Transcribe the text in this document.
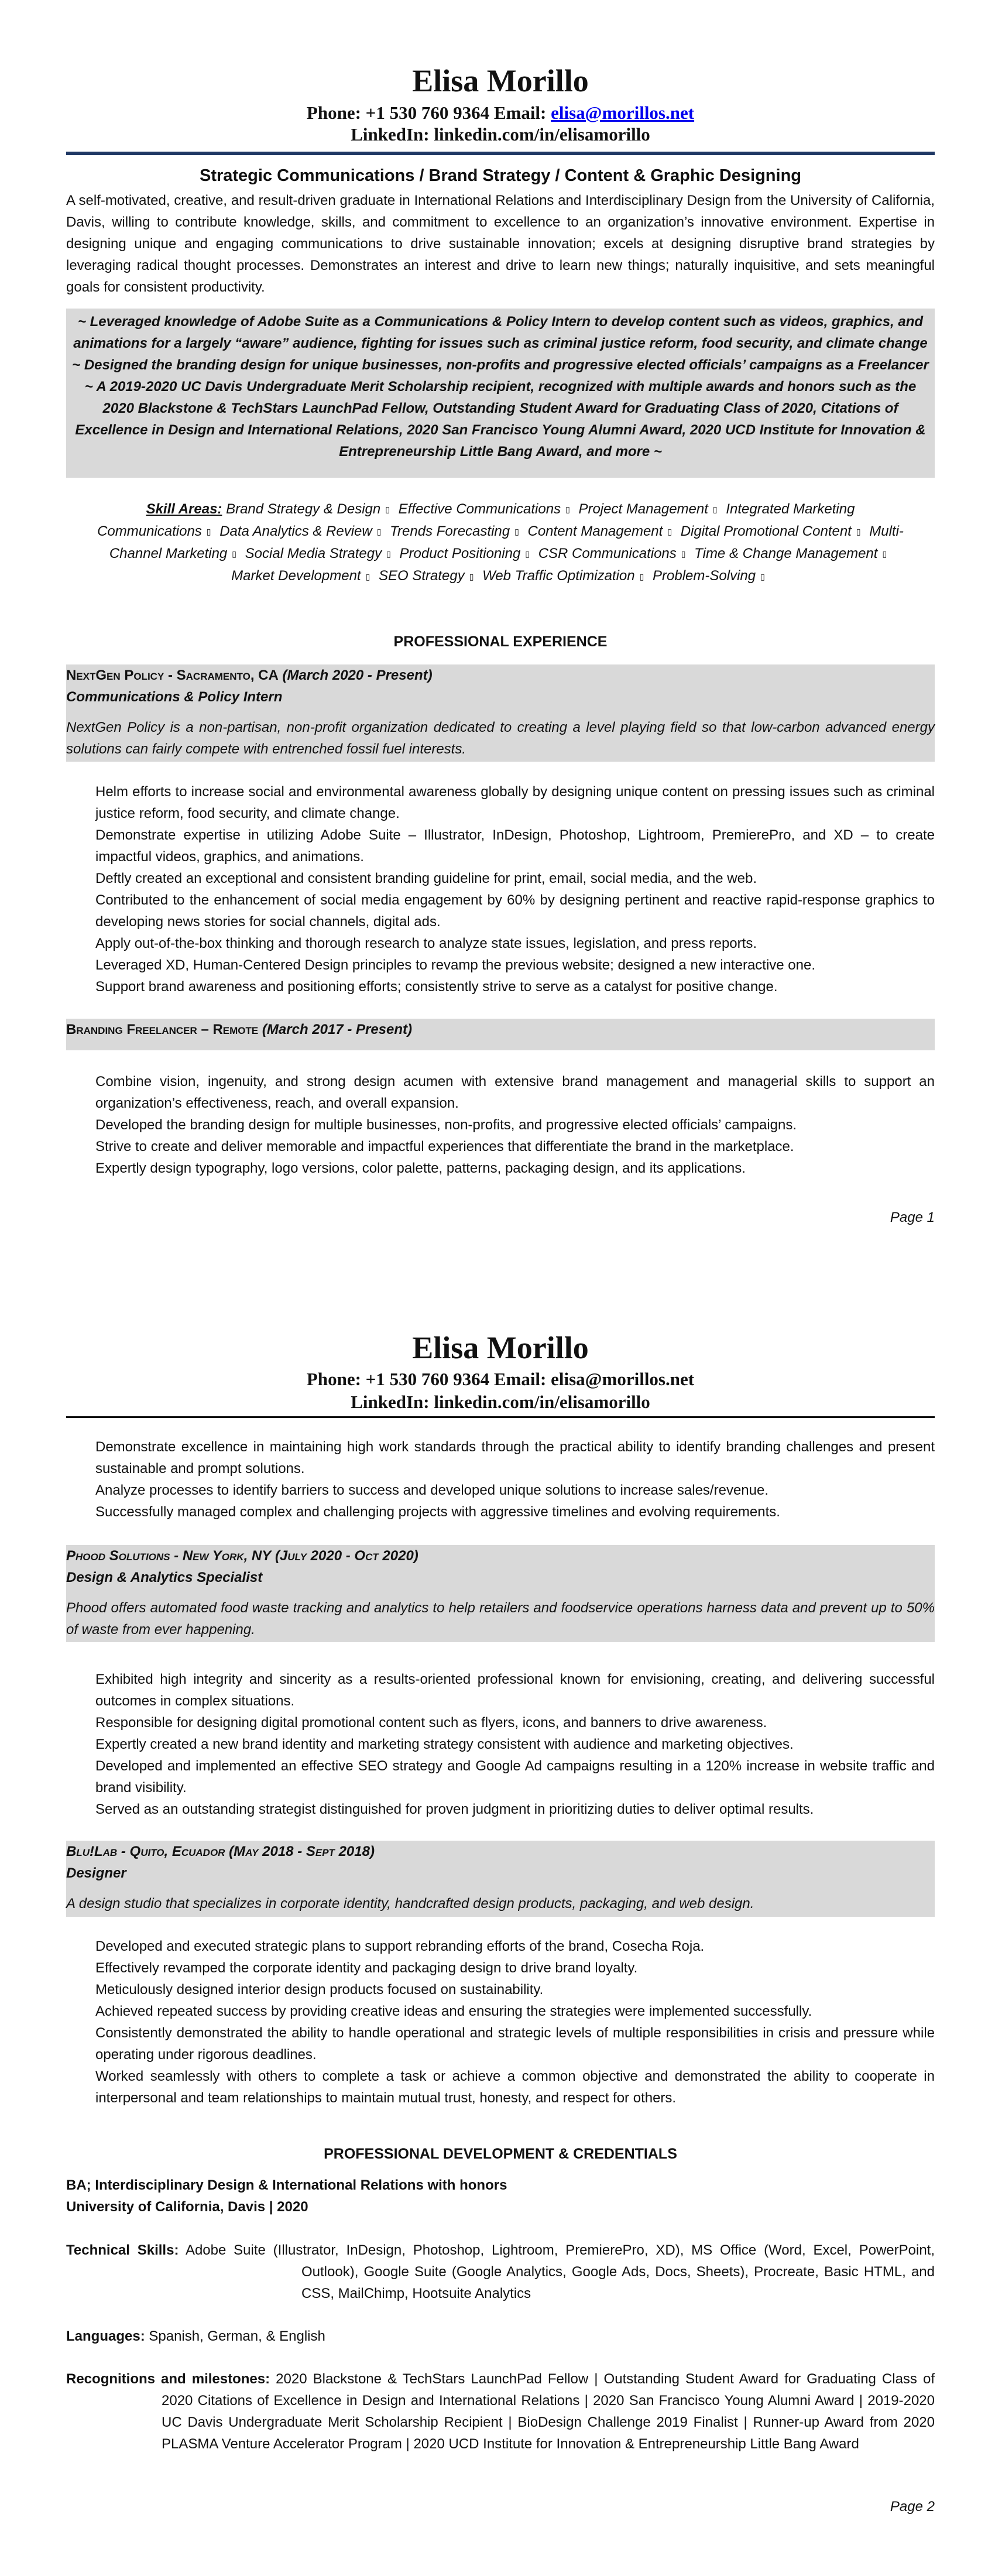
Elisa Morillo
Phone: +1 530 760 9364 Email: elisa@morillos.net
LinkedIn: linkedin.com/in/elisamorillo
Strategic Communications / Brand Strategy / Content & Graphic Designing
A self-motivated, creative, and result-driven graduate in International Relations and Interdisciplinary Design from the University of California, Davis, willing to contribute knowledge, skills, and commitment to excellence to an organization’s innovative environment. Expertise in designing unique and engaging communications to drive sustainable innovation; excels at designing disruptive brand strategies by leveraging radical thought processes. Demonstrates an interest and drive to learn new things; naturally inquisitive, and sets meaningful goals for consistent productivity.
~ Leveraged knowledge of Adobe Suite as a Communications & Policy Intern to develop content such as videos, graphics, and animations for a largely “aware” audience, fighting for issues such as criminal justice reform, food security, and climate change ~ Designed the branding design for unique businesses, non-profits and progressive elected officials’ campaigns as a Freelancer ~ A 2019-2020 UC Davis Undergraduate Merit Scholarship recipient, recognized with multiple awards and honors such as the 2020 Blackstone & TechStars LaunchPad Fellow, Outstanding Student Award for Graduating Class of 2020, Citations of Excellence in Design and International Relations, 2020 San Francisco Young Alumni Award, 2020 UCD Institute for Innovation & Entrepreneurship Little Bang Award, and more ~
Skill Areas: Brand Strategy & Design ▯ Effective Communications ▯ Project Management ▯ Integrated Marketing Communications ▯ Data Analytics & Review ▯ Trends Forecasting ▯ Content Management ▯ Digital Promotional Content ▯ Multi-Channel Marketing ▯ Social Media Strategy ▯ Product Positioning ▯ CSR Communications ▯ Time & Change Management ▯ Market Development ▯ SEO Strategy ▯ Web Traffic Optimization ▯ Problem-Solving ▯
PROFESSIONAL EXPERIENCE
NextGen Policy - Sacramento, CA (March 2020 - Present)
Communications & Policy Intern
NextGen Policy is a non-partisan, non-profit organization dedicated to creating a level playing field so that low-carbon advanced energy solutions can fairly compete with entrenched fossil fuel interests.
Helm efforts to increase social and environmental awareness globally by designing unique content on pressing issues such as criminal justice reform, food security, and climate change.
Demonstrate expertise in utilizing Adobe Suite – Illustrator, InDesign, Photoshop, Lightroom, PremierePro, and XD – to create impactful videos, graphics, and animations.
Deftly created an exceptional and consistent branding guideline for print, email, social media, and the web.
Contributed to the enhancement of social media engagement by 60% by designing pertinent and reactive rapid-response graphics to developing news stories for social channels, digital ads.
Apply out-of-the-box thinking and thorough research to analyze state issues, legislation, and press reports.
Leveraged XD, Human-Centered Design principles to revamp the previous website; designed a new interactive one.
Support brand awareness and positioning efforts; consistently strive to serve as a catalyst for positive change.
Branding Freelancer – Remote (March 2017 - Present)
Combine vision, ingenuity, and strong design acumen with extensive brand management and managerial skills to support an organization’s effectiveness, reach, and overall expansion.
Developed the branding design for multiple businesses, non-profits, and progressive elected officials’ campaigns.
Strive to create and deliver memorable and impactful experiences that differentiate the brand in the marketplace.
Expertly design typography, logo versions, color palette, patterns, packaging design, and its applications.
Page 1
Elisa Morillo
Phone: +1 530 760 9364 Email: elisa@morillos.net
LinkedIn: linkedin.com/in/elisamorillo
Demonstrate excellence in maintaining high work standards through the practical ability to identify branding challenges and present sustainable and prompt solutions.
Analyze processes to identify barriers to success and developed unique solutions to increase sales/revenue.
Successfully managed complex and challenging projects with aggressive timelines and evolving requirements.
Phood Solutions - New York, NY (July 2020 - Oct 2020)
Design & Analytics Specialist
Phood offers automated food waste tracking and analytics to help retailers and foodservice operations harness data and prevent up to 50% of waste from ever happening.
Exhibited high integrity and sincerity as a results-oriented professional known for envisioning, creating, and delivering successful outcomes in complex situations.
Responsible for designing digital promotional content such as flyers, icons, and banners to drive awareness.
Expertly created a new brand identity and marketing strategy consistent with audience and marketing objectives.
Developed and implemented an effective SEO strategy and Google Ad campaigns resulting in a 120% increase in website traffic and brand visibility.
Served as an outstanding strategist distinguished for proven judgment in prioritizing duties to deliver optimal results.
Blu!Lab - Quito, Ecuador (May 2018 - Sept 2018)
Designer
A design studio that specializes in corporate identity, handcrafted design products, packaging, and web design.
Developed and executed strategic plans to support rebranding efforts of the brand, Cosecha Roja.
Effectively revamped the corporate identity and packaging design to drive brand loyalty.
Meticulously designed interior design products focused on sustainability.
Achieved repeated success by providing creative ideas and ensuring the strategies were implemented successfully.
Consistently demonstrated the ability to handle operational and strategic levels of multiple responsibilities in crisis and pressure while operating under rigorous deadlines.
Worked seamlessly with others to complete a task or achieve a common objective and demonstrated the ability to cooperate in interpersonal and team relationships to maintain mutual trust, honesty, and respect for others.
PROFESSIONAL DEVELOPMENT & CREDENTIALS
BA; Interdisciplinary Design & International Relations with honors
University of California, Davis | 2020
Technical Skills: Adobe Suite (Illustrator, InDesign, Photoshop, Lightroom, PremierePro, XD), MS Office (Word, Excel, PowerPoint, Outlook), Google Suite (Google Analytics, Google Ads, Docs, Sheets), Procreate, Basic HTML, and CSS, MailChimp, Hootsuite Analytics
Languages: Spanish, German, & English
Recognitions and milestones: 2020 Blackstone & TechStars LaunchPad Fellow | Outstanding Student Award for Graduating Class of 2020 Citations of Excellence in Design and International Relations | 2020 San Francisco Young Alumni Award | 2019-2020 UC Davis Undergraduate Merit Scholarship Recipient | BioDesign Challenge 2019 Finalist | Runner-up Award from 2020 PLASMA Venture Accelerator Program | 2020 UCD Institute for Innovation & Entrepreneurship Little Bang Award
Page 2
